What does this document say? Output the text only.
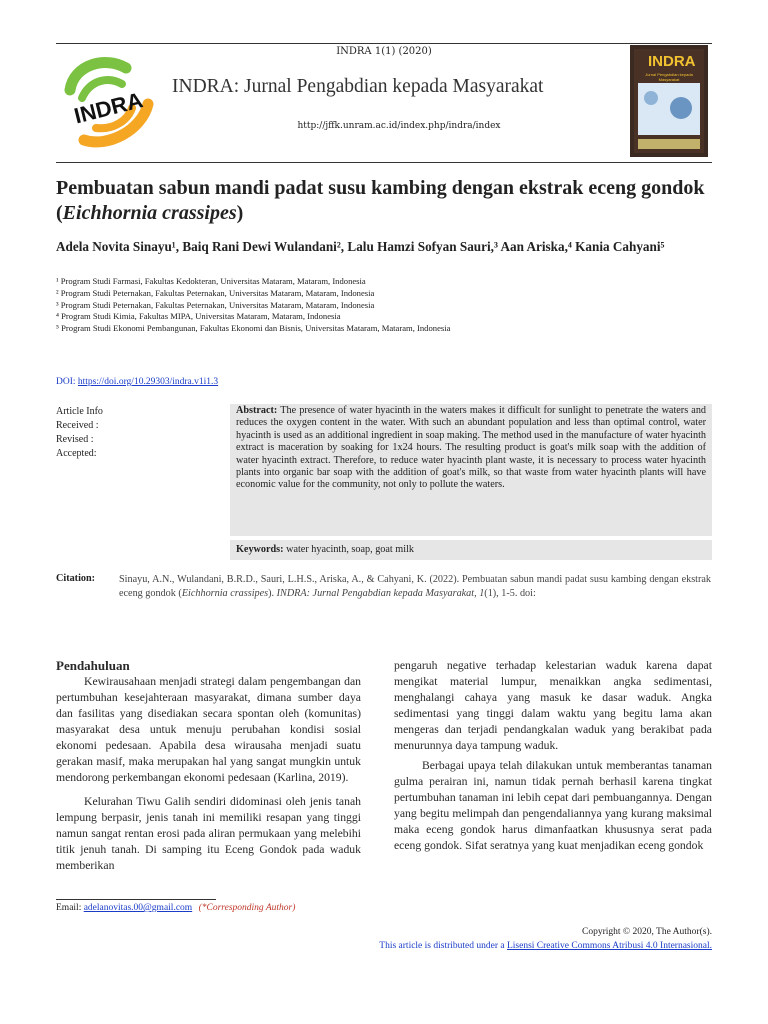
INDRA 1(1) (2020)
INDRA
INDRA: Jurnal Pengabdian kepada Masyarakat
http://jffk.unram.ac.id/index.php/indra/index
INDRA
Jurnal Pengabdian kepada Masyarakat
Pembuatan sabun mandi padat susu kambing dengan ekstrak eceng gondok (Eichhornia crassipes)
Adela Novita Sinayu¹, Baiq Rani Dewi Wulandani², Lalu Hamzi Sofyan Sauri,³ Aan Ariska,⁴ Kania Cahyani⁵
¹ Program Studi Farmasi, Fakultas Kedokteran, Universitas Mataram, Mataram, Indonesia
² Program Studi Peternakan, Fakultas Peternakan, Universitas Mataram, Mataram, Indonesia
³ Program Studi Peternakan, Fakultas Peternakan, Universitas Mataram, Mataram, Indonesia
⁴ Program Studi Kimia, Fakultas MIPA, Universitas Mataram, Mataram, Indonesia
⁵ Program Studi Ekonomi Pembangunan, Fakultas Ekonomi dan Bisnis, Universitas Mataram, Mataram, Indonesia
DOI: https://doi.org/10.29303/indra.v1i1.3
Article Info
Received :
Revised :
Accepted:
Abstract: The presence of water hyacinth in the waters makes it difficult for sunlight to penetrate the waters and reduces the oxygen content in the water. With such an abundant population and less than optimal control, water hyacinth is used as an additional ingredient in soap making. The method used in the manufacture of water hyacinth extract is maceration by soaking for 1x24 hours. The resulting product is goat's milk soap with the addition of water hyacinth extract. Therefore, to reduce water hyacinth plant waste, it is necessary to process water hyacinth plants into organic bar soap with the addition of goat's milk, so that waste from water hyacinth plants will have economic value for the community, not only to pollute the waters.
Keywords: water hyacinth, soap, goat milk
Citation: Sinayu, A.N., Wulandani, B.R.D., Sauri, L.H.S., Ariska, A., & Cahyani, K. (2022). Pembuatan sabun mandi padat susu kambing dengan ekstrak eceng gondok (Eichhornia crassipes). INDRA: Jurnal Pengabdian kepada Masyarakat, 1(1), 1-5. doi:
Pendahuluan

Kewirausahaan menjadi strategi dalam pengembangan dan pertumbuhan kesejahteraan masyarakat, dimana sumber daya dan fasilitas yang disediakan secara spontan oleh (komunitas) masyarakat desa untuk menuju perubahan kondisi sosial ekonomi pedesaan. Apabila desa wirausaha menjadi suatu gerakan masif, maka merupakan hal yang sangat mungkin untuk mendorong perkembangan ekonomi pedesaan (Karlina, 2019).

Kelurahan Tiwu Galih sendiri didominasi oleh jenis tanah lempung berpasir, jenis tanah ini memiliki resapan yang tinggi namun sangat rentan erosi pada aliran permukaan yang melebihi titik jenuh tanah. Di samping itu Eceng Gondok pada waduk memberikan

pengaruh negative terhadap kelestarian waduk karena dapat mengikat material lumpur, menaikkan angka sedimentasi, menghalangi cahaya yang masuk ke dasar waduk. Angka sedimentasi yang tinggi dalam waktu yang begitu lama akan mengeras dan terjadi pendangkalan waduk yang berakibat pada menurunnya daya tampung waduk.

Berbagai upaya telah dilakukan untuk memberantas tanaman gulma perairan ini, namun tidak pernah berhasil karena tingkat pertumbuhan tanaman ini lebih cepat dari pembuangannya. Dengan yang begitu melimpah dan pengendaliannya yang kurang maksimal maka eceng gondok harus dimanfaatkan khususnya serat pada eceng gondok. Sifat seratnya yang kuat menjadikan eceng gondok

Email: adelanovitas.00@gmail.com (*Corresponding Author)
Copyright © 2020, The Author(s).
This article is distributed under a Lisensi Creative Commons Atribusi 4.0 Internasional.
